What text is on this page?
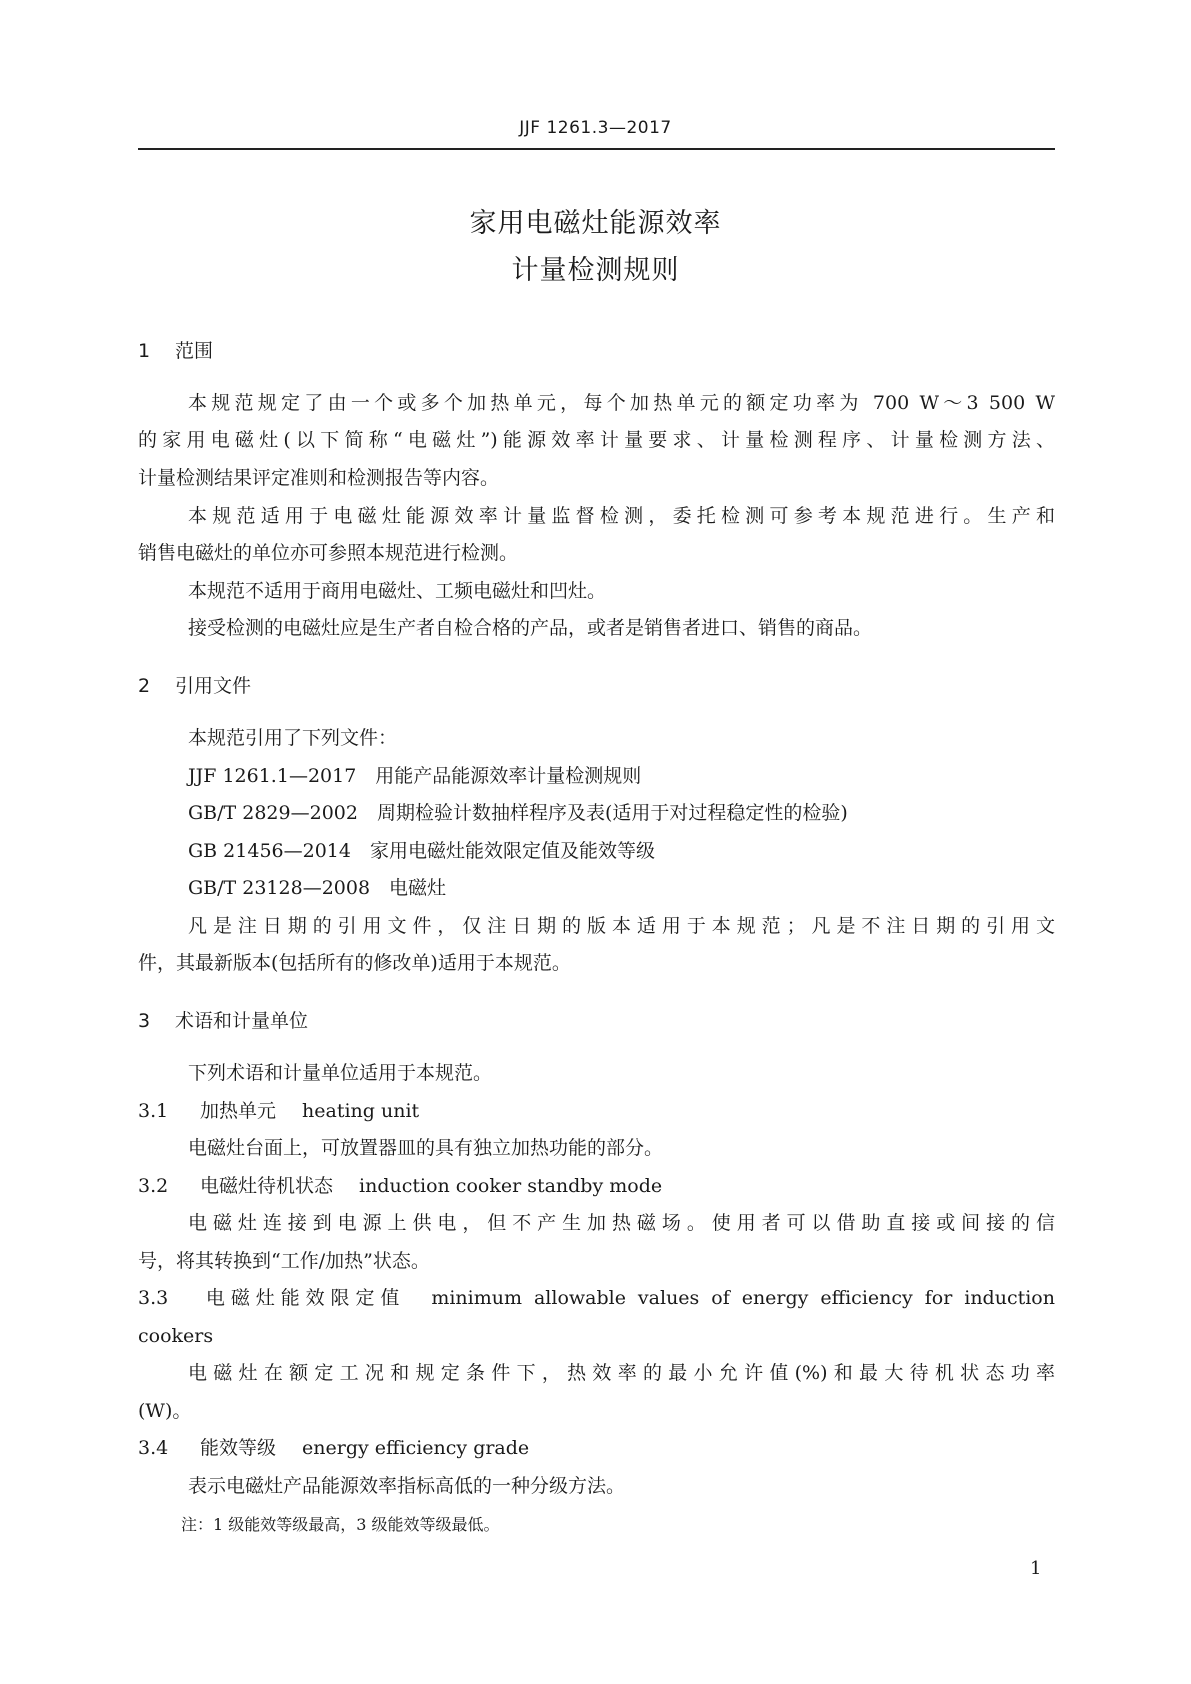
JJF 1261.3—2017
家用电磁灶能源效率
计量检测规则
1 范围
本规范规定了由一个或多个加热单元，每个加热单元的额定功率为 700 W～3 500 W
的家用电磁灶(以下简称“电磁灶”)能源效率计量要求、计量检测程序、计量检测方法、
计量检测结果评定准则和检测报告等内容。
本规范适用于电磁灶能源效率计量监督检测，委托检测可参考本规范进行。生产和
销售电磁灶的单位亦可参照本规范进行检测。
本规范不适用于商用电磁灶、工频电磁灶和凹灶。
接受检测的电磁灶应是生产者自检合格的产品，或者是销售者进口、销售的商品。
2 引用文件
本规范引用了下列文件：
JJF 1261.1—2017　用能产品能源效率计量检测规则
GB/T 2829—2002　周期检验计数抽样程序及表(适用于对过程稳定性的检验)
GB 21456—2014　家用电磁灶能效限定值及能效等级
GB/T 23128—2008　电磁灶
凡是注日期的引用文件，仅注日期的版本适用于本规范；凡是不注日期的引用文
件，其最新版本(包括所有的修改单)适用于本规范。
3 术语和计量单位
下列术语和计量单位适用于本规范。
3.1 加热单元 heating unit
电磁灶台面上，可放置器皿的具有独立加热功能的部分。
3.2 电磁灶待机状态 induction cooker standby mode
电磁灶连接到电源上供电，但不产生加热磁场。使用者可以借助直接或间接的信
号，将其转换到“工作/加热”状态。
3.3 电磁灶能效限定值 minimum allowable values of energy efficiency for induction
cookers
电磁灶在额定工况和规定条件下，热效率的最小允许值(%)和最大待机状态功率
(W)。
3.4 能效等级 energy efficiency grade
表示电磁灶产品能源效率指标高低的一种分级方法。
注：1 级能效等级最高，3 级能效等级最低。
1
